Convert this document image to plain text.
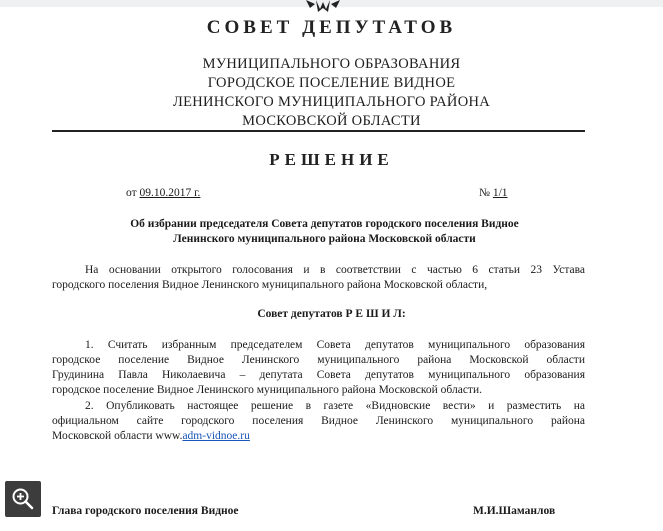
СОВЕТ ДЕПУТАТОВ
МУНИЦИПАЛЬНОГО ОБРАЗОВАНИЯ
ГОРОДСКОЕ ПОСЕЛЕНИЕ ВИДНОЕ
ЛЕНИНСКОГО МУНИЦИПАЛЬНОГО РАЙОНА
МОСКОВСКОЙ ОБЛАСТИ
РЕШЕНИЕ
от 09.10.2017 г.	№ 1/1
Об избрании председателя Совета депутатов городского поселения Видное
Ленинского муниципального района Московской области
На основании открытого голосования и в соответствии с частью 6 статьи 23 Устава
городского поселения Видное Ленинского муниципального района Московской области,
Совет депутатов Р Е Ш И Л:
1. Считать избранным председателем Совета депутатов муниципального образования
городское поселение Видное Ленинского муниципального района Московской области
Грудинина Павла Николаевича – депутата Совета депутатов муниципального образования
городское поселение Видное Ленинского муниципального района Московской области.
2. Опубликовать настоящее решение в газете «Видновские вести» и разместить на
официальном сайте городского поселения Видное Ленинского муниципального района
Московской области www.adm-vidnoe.ru
Глава городского поселения Видное	М.И.Шаманлов
